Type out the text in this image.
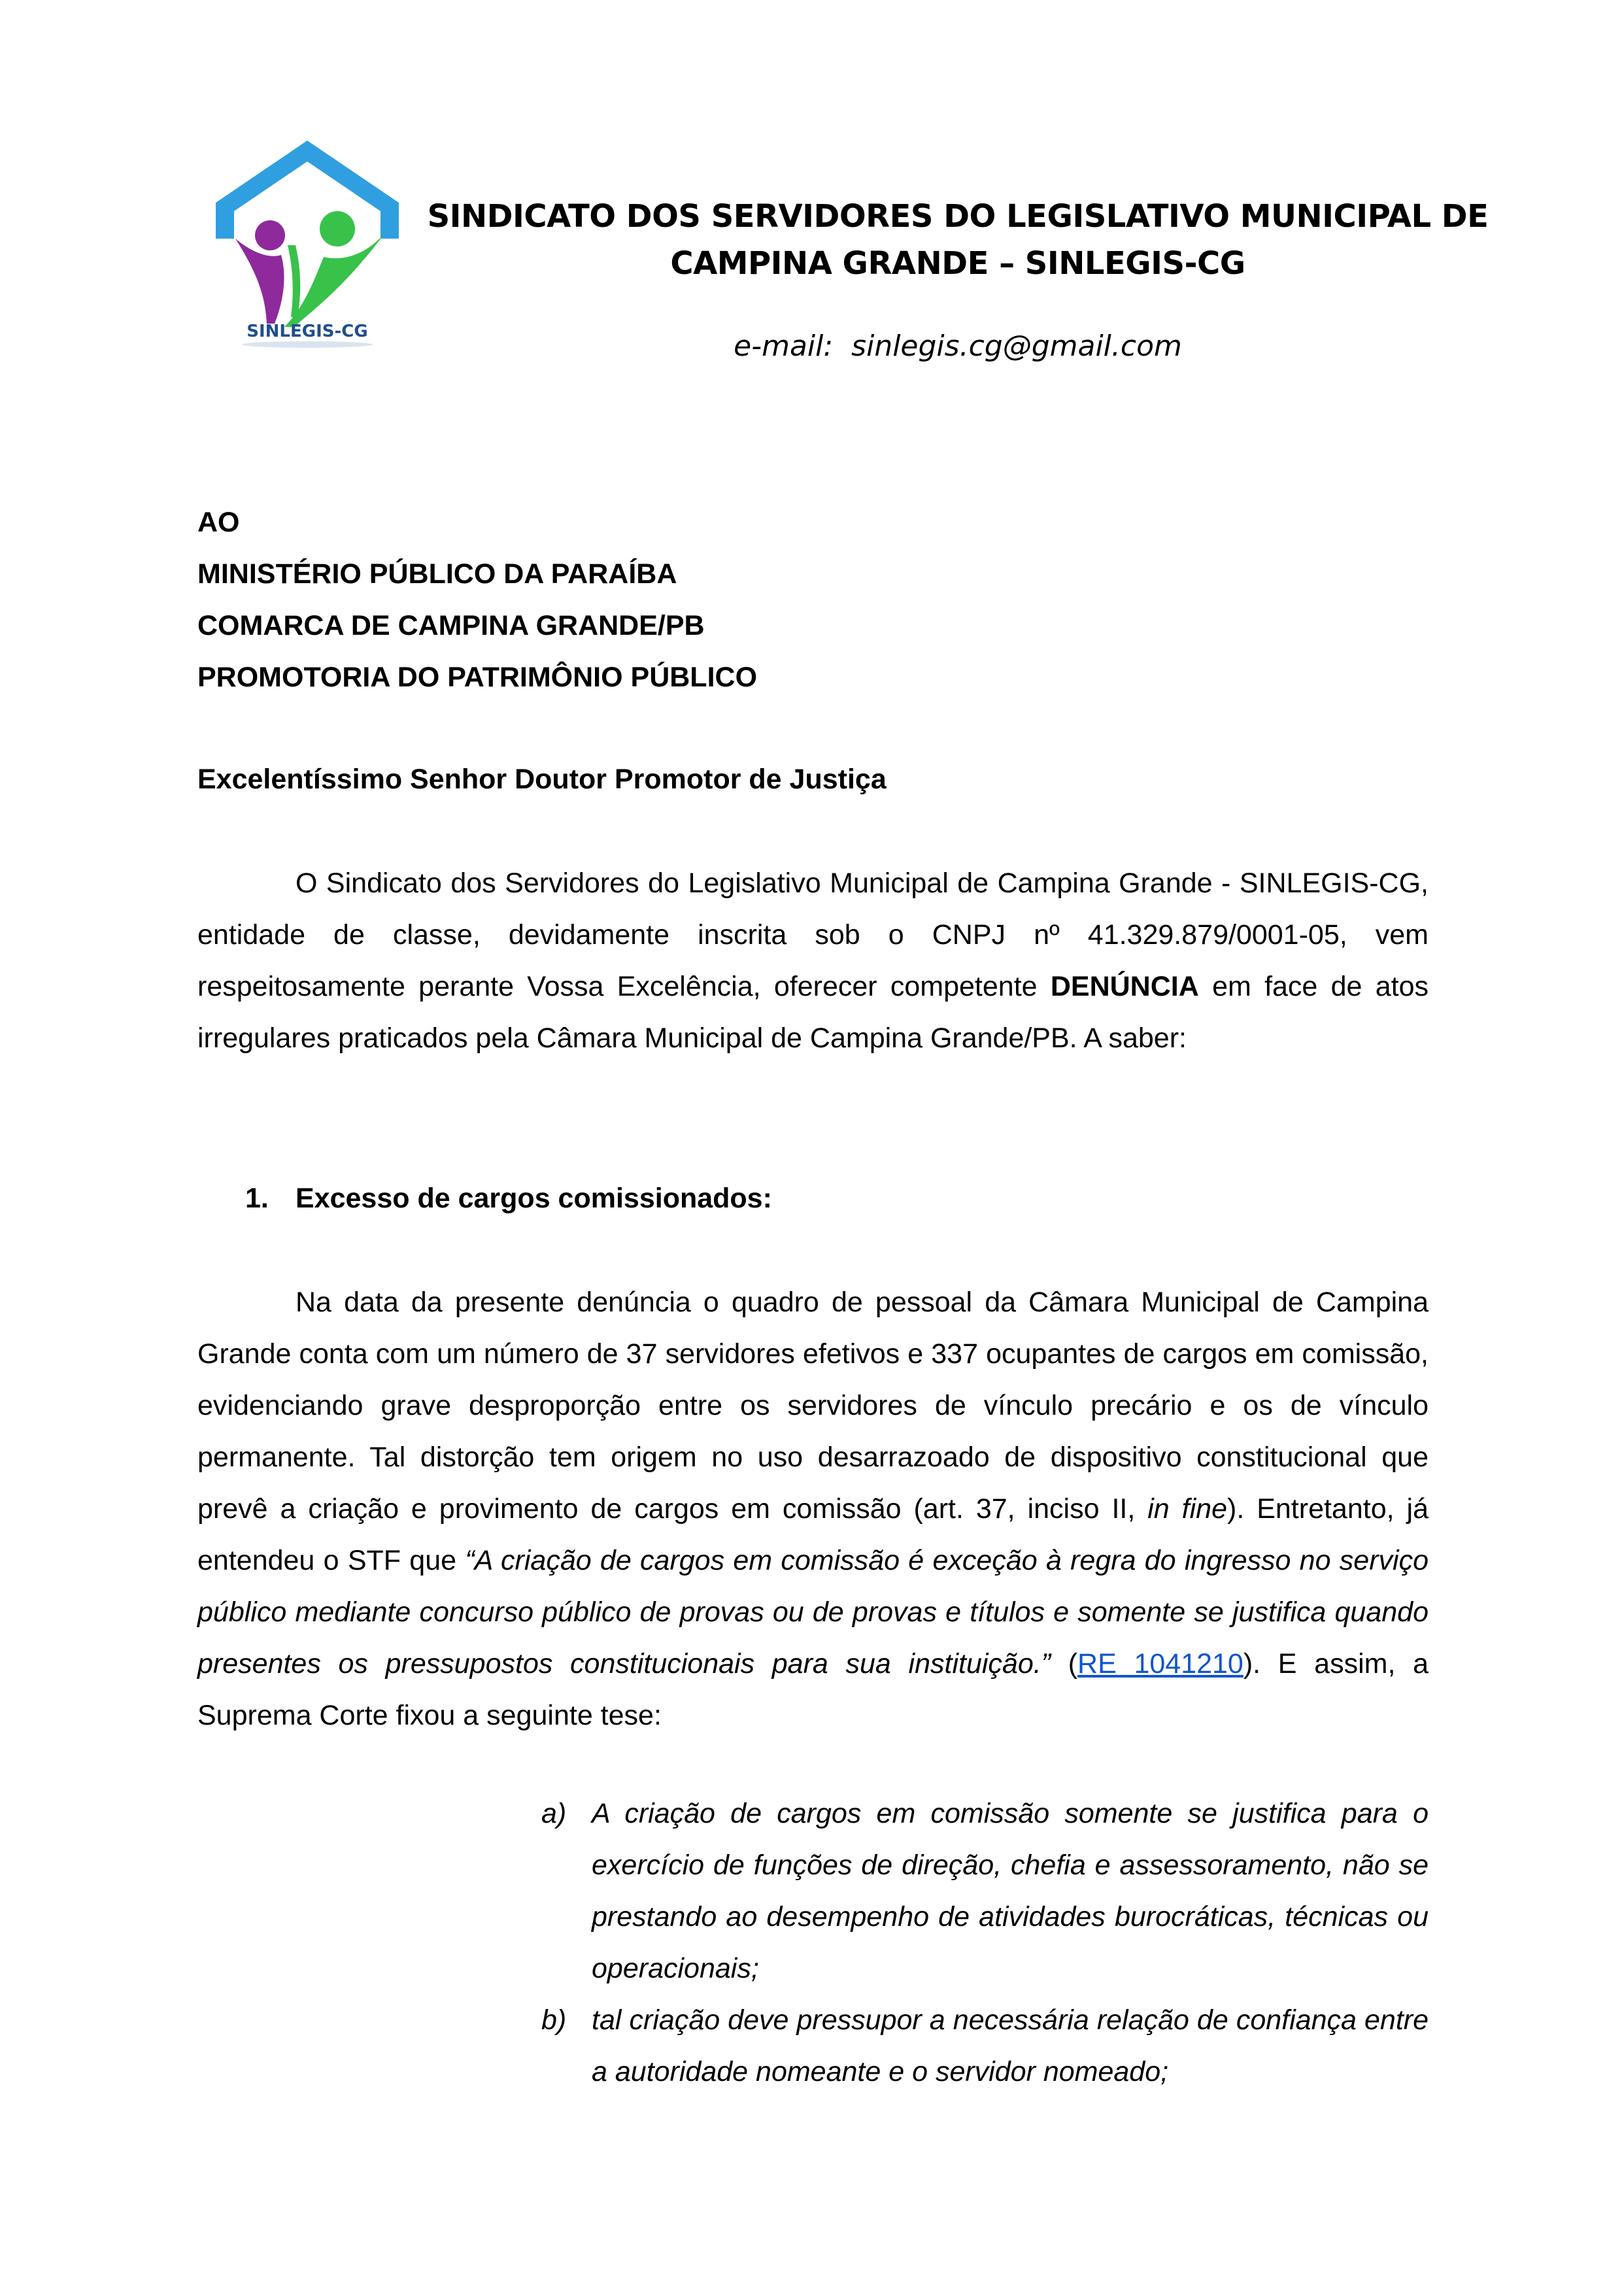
SINLEGIS-CG
SINDICATO DOS SERVIDORES DO LEGISLATIVO MUNICIPAL DE
CAMPINA GRANDE – SINLEGIS-CG
e-mail: sinlegis.cg@gmail.com
AO
MINISTÉRIO PÚBLICO DA PARAÍBA
COMARCA DE CAMPINA GRANDE/PB
PROMOTORIA DO PATRIMÔNIO PÚBLICO
Excelentíssimo Senhor Doutor Promotor de Justiça
O Sindicato dos Servidores do Legislativo Municipal de Campina Grande - SINLEGIS-CG, entidade de classe, devidamente inscrita sob o CNPJ nº 41.329.879/0001-05, vem respeitosamente perante Vossa Excelência, oferecer competente DENÚNCIA em face de atos irregulares praticados pela Câmara Municipal de Campina Grande/PB. A saber:
1. Excesso de cargos comissionados:
Na data da presente denúncia o quadro de pessoal da Câmara Municipal de Campina Grande conta com um número de 37 servidores efetivos e 337 ocupantes de cargos em comissão, evidenciando grave desproporção entre os servidores de vínculo precário e os de vínculo permanente. Tal distorção tem origem no uso desarrazoado de dispositivo constitucional que prevê a criação e provimento de cargos em comissão (art. 37, inciso II, in fine). Entretanto, já entendeu o STF que “A criação de cargos em comissão é exceção à regra do ingresso no serviço público mediante concurso público de provas ou de provas e títulos e somente se justifica quando presentes os pressupostos constitucionais para sua instituição.” (RE 1041210). E assim, a Suprema Corte fixou a seguinte tese:
a) A criação de cargos em comissão somente se justifica para o exercício de funções de direção, chefia e assessoramento, não se prestando ao desempenho de atividades burocráticas, técnicas ou operacionais;
b) tal criação deve pressupor a necessária relação de confiança entre a autoridade nomeante e o servidor nomeado;
